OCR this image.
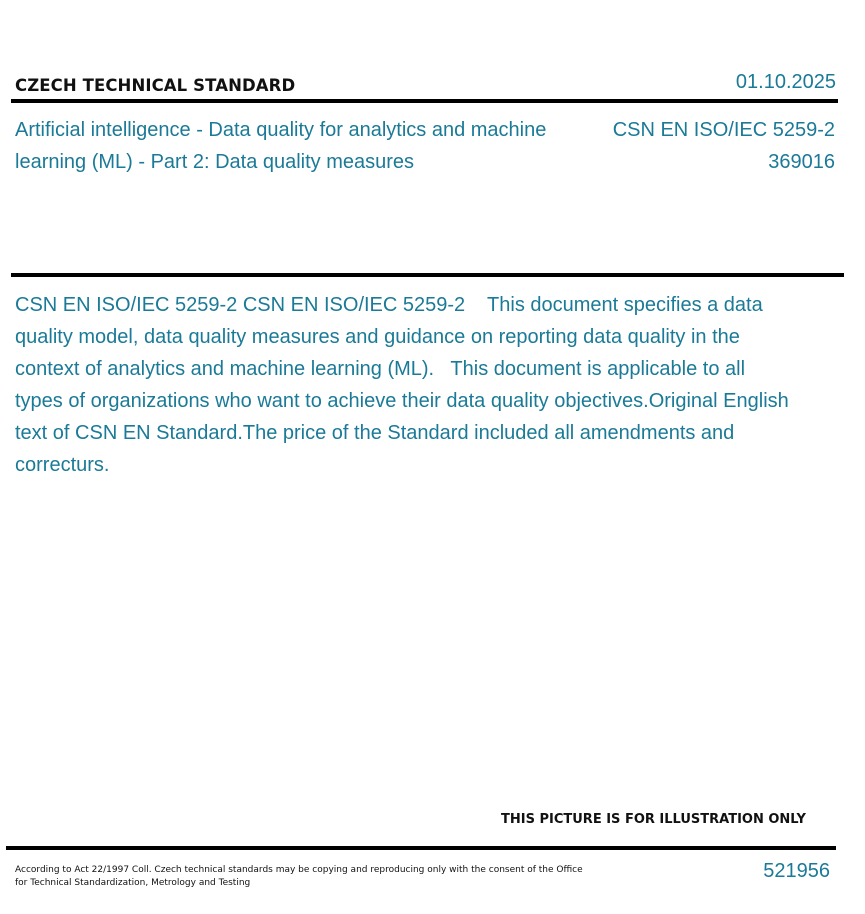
CZECH TECHNICAL STANDARD	01.10.2025
Artificial intelligence - Data quality for analytics and machine learning (ML) - Part 2: Data quality measures
CSN EN ISO/IEC 5259-2
369016
CSN EN ISO/IEC 5259-2 CSN EN ISO/IEC 5259-2    This document specifies a data quality model, data quality measures and guidance on reporting data quality in the context of analytics and machine learning (ML).   This document is applicable to all types of organizations who want to achieve their data quality objectives.Original English text of CSN EN Standard.The price of the Standard included all amendments and correcturs.
THIS PICTURE IS FOR ILLUSTRATION ONLY
According to Act 22/1997 Coll. Czech technical standards may be copying and reproducing only with the consent of the Office for Technical Standardization, Metrology and Testing
521956
